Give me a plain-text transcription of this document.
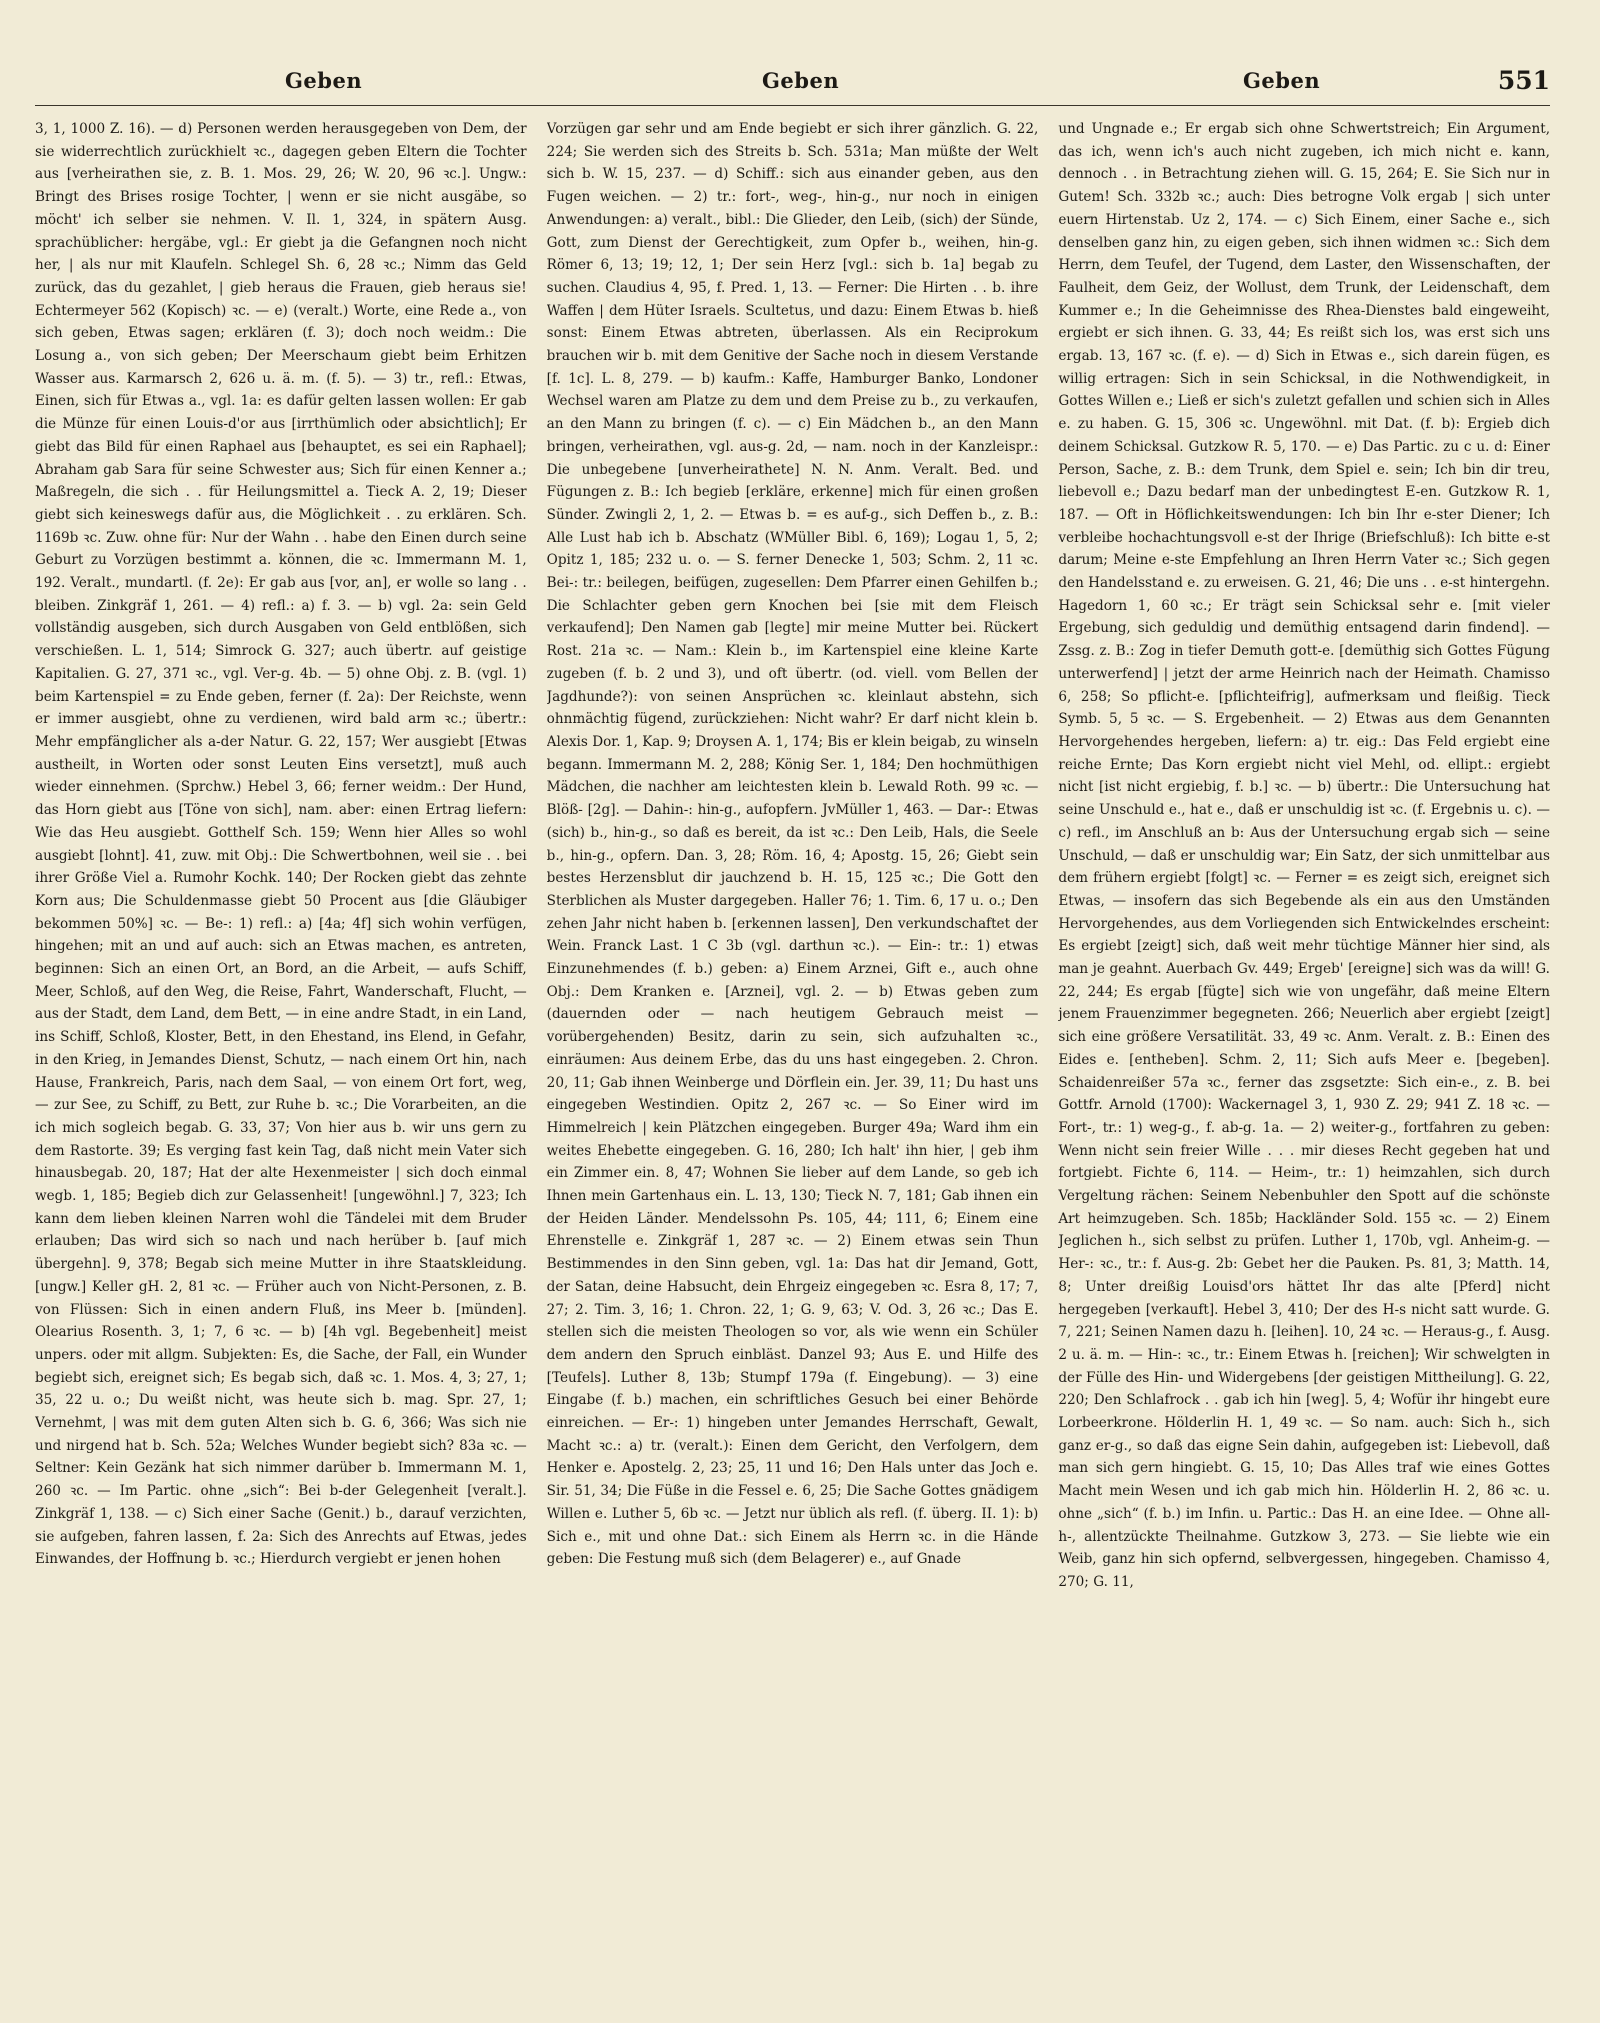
Geben	Geben	Geben	551

3, 1, 1000 Z. 16). — d) Personen werden herausgegeben von Dem, der sie widerrechtlich zurückhielt ꝛc., dagegen geben Eltern die Tochter aus [verheirathen sie, z. B. 1. Mos. 29, 26; W. 20, 96 ꝛc.]. Ungw.: Bringt des Brises rosige Tochter, | wenn er sie nicht ausgäbe, so möcht' ich selber sie nehmen. V. Il. 1, 324, in spätern Ausg. sprachüblicher: hergäbe, vgl.: Er giebt ja die Gefangnen noch nicht her, | als nur mit Klaufeln. Schlegel Sh. 6, 28 ꝛc.; Nimm das Geld zurück, das du gezahlet, | gieb heraus die Frauen, gieb heraus sie! Echtermeyer 562 (Kopisch) ꝛc. — e) (veralt.) Worte, eine Rede a., von sich geben, Etwas sagen; erklären (f. 3); doch noch weidm.: Die Losung a., von sich geben; Der Meerschaum giebt beim Erhitzen Wasser aus. Karmarsch 2, 626 u. ä. m. (f. 5). — 3) tr., refl.: Etwas, Einen, sich für Etwas a., vgl. 1a: es dafür gelten lassen wollen: Er gab die Münze für einen Louis-d'or aus [irrthümlich oder absichtlich]; Er giebt das Bild für einen Raphael aus [behauptet, es sei ein Raphael]; Abraham gab Sara für seine Schwester aus; Sich für einen Kenner a.; Maßregeln, die sich . . für Heilungsmittel a. Tieck A. 2, 19; Dieser giebt sich keineswegs dafür aus, die Möglichkeit . . zu erklären. Sch. 1169b ꝛc. Zuw. ohne für: Nur der Wahn . . habe den Einen durch seine Geburt zu Vorzügen bestimmt a. können, die ꝛc. Immermann M. 1, 192. Veralt., mundartl. (f. 2e): Er gab aus [vor, an], er wolle so lang . . bleiben. Zinkgräf 1, 261. — 4) refl.: a) f. 3. — b) vgl. 2a: sein Geld vollständig ausgeben, sich durch Ausgaben von Geld entblößen, sich verschießen. L. 1, 514; Simrock G. 327; auch übertr. auf geistige Kapitalien. G. 27, 371 ꝛc., vgl. Ver-g. 4b. — 5) ohne Obj. z. B. (vgl. 1) beim Kartenspiel = zu Ende geben, ferner (f. 2a): Der Reichste, wenn er immer ausgiebt, ohne zu verdienen, wird bald arm ꝛc.; übertr.: Mehr empfänglicher als a-der Natur. G. 22, 157; Wer ausgiebt [Etwas austheilt, in Worten oder sonst Leuten Eins versetzt], muß auch wieder einnehmen. (Sprchw.) Hebel 3, 66; ferner weidm.: Der Hund, das Horn giebt aus [Töne von sich], nam. aber: einen Ertrag liefern: Wie das Heu ausgiebt. Gotthelf Sch. 159; Wenn hier Alles so wohl ausgiebt [lohnt]. 41, zuw. mit Obj.: Die Schwertbohnen, weil sie . . bei ihrer Größe Viel a. Rumohr Kochk. 140; Der Rocken giebt das zehnte Korn aus; Die Schuldenmasse giebt 50 Procent aus [die Gläubiger bekommen 50%] ꝛc. — Be-: 1) refl.: a) [4a; 4f] sich wohin verfügen, hingehen; mit an und auf auch: sich an Etwas machen, es antreten, beginnen: Sich an einen Ort, an Bord, an die Arbeit, — aufs Schiff, Meer, Schloß, auf den Weg, die Reise, Fahrt, Wanderschaft, Flucht, — aus der Stadt, dem Land, dem Bett, — in eine andre Stadt, in ein Land, ins Schiff, Schloß, Kloster, Bett, in den Ehestand, ins Elend, in Gefahr, in den Krieg, in Jemandes Dienst, Schutz, — nach einem Ort hin, nach Hause, Frankreich, Paris, nach dem Saal, — von einem Ort fort, weg, — zur See, zu Schiff, zu Bett, zur Ruhe b. ꝛc.; Die Vorarbeiten, an die ich mich sogleich begab. G. 33, 37; Von hier aus b. wir uns gern zu dem Rastorte. 39; Es verging fast kein Tag, daß nicht mein Vater sich hinausbegab. 20, 187; Hat der alte Hexenmeister | sich doch einmal wegb. 1, 185; Begieb dich zur Gelassenheit! [ungewöhnl.] 7, 323; Ich kann dem lieben kleinen Narren wohl die Tändelei mit dem Bruder erlauben; Das wird sich so nach und nach herüber b. [auf mich übergehn]. 9, 378; Begab sich meine Mutter in ihre Staatskleidung. [ungw.] Keller gH. 2, 81 ꝛc. — Früher auch von Nicht-Personen, z. B. von Flüssen: Sich in einen andern Fluß, ins Meer b. [münden]. Olearius Rosenth. 3, 1; 7, 6 ꝛc. — b) [4h vgl. Begebenheit] meist unpers. oder mit allgm. Subjekten: Es, die Sache, der Fall, ein Wunder begiebt sich, ereignet sich; Es begab sich, daß ꝛc. 1. Mos. 4, 3; 27, 1; 35, 22 u. o.; Du weißt nicht, was heute sich b. mag. Spr. 27, 1; Vernehmt, | was mit dem guten Alten sich b. G. 6, 366; Was sich nie und nirgend hat b. Sch. 52a; Welches Wunder begiebt sich? 83a ꝛc. — Seltner: Kein Gezänk hat sich nimmer darüber b. Immermann M. 1, 260 ꝛc. — Im Partic. ohne „sich“: Bei b-der Gelegenheit [veralt.]. Zinkgräf 1, 138. — c) Sich einer Sache (Genit.) b., darauf verzichten, sie aufgeben, fahren lassen, f. 2a: Sich des Anrechts auf Etwas, jedes Einwandes, der Hoffnung b. ꝛc.; Hierdurch vergiebt er jenen hohen

Vorzügen gar sehr und am Ende begiebt er sich ihrer gänzlich. G. 22, 224; Sie werden sich des Streits b. Sch. 531a; Man müßte der Welt sich b. W. 15, 237. — d) Schiff.: sich aus einander geben, aus den Fugen weichen. — 2) tr.: fort-, weg-, hin-g., nur noch in einigen Anwendungen: a) veralt., bibl.: Die Glieder, den Leib, (sich) der Sünde, Gott, zum Dienst der Gerechtigkeit, zum Opfer b., weihen, hin-g. Römer 6, 13; 19; 12, 1; Der sein Herz [vgl.: sich b. 1a] begab zu suchen. Claudius 4, 95, f. Pred. 1, 13. — Ferner: Die Hirten . . b. ihre Waffen | dem Hüter Israels. Scultetus, und dazu: Einem Etwas b. hieß sonst: Einem Etwas abtreten, überlassen. Als ein Reciprokum brauchen wir b. mit dem Genitive der Sache noch in diesem Verstande [f. 1c]. L. 8, 279. — b) kaufm.: Kaffe, Hamburger Banko, Londoner Wechsel waren am Platze zu dem und dem Preise zu b., zu verkaufen, an den Mann zu bringen (f. c). — c) Ein Mädchen b., an den Mann bringen, verheirathen, vgl. aus-g. 2d, — nam. noch in der Kanzleispr.: Die unbegebene [unverheirathete] N. N. Anm. Veralt. Bed. und Fügungen z. B.: Ich begieb [erkläre, erkenne] mich für einen großen Sünder. Zwingli 2, 1, 2. — Etwas b. = es auf-g., sich Deffen b., z. B.: Alle Lust hab ich b. Abschatz (WMüller Bibl. 6, 169); Logau 1, 5, 2; Opitz 1, 185; 232 u. o. — S. ferner Denecke 1, 503; Schm. 2, 11 ꝛc. Bei-: tr.: beilegen, beifügen, zugesellen: Dem Pfarrer einen Gehilfen b.; Die Schlachter geben gern Knochen bei [sie mit dem Fleisch verkaufend]; Den Namen gab [legte] mir meine Mutter bei. Rückert Rost. 21a ꝛc. — Nam.: Klein b., im Kartenspiel eine kleine Karte zugeben (f. b. 2 und 3), und oft übertr. (od. viell. vom Bellen der Jagdhunde?): von seinen Ansprüchen ꝛc. kleinlaut abstehn, sich ohnmächtig fügend, zurückziehen: Nicht wahr? Er darf nicht klein b. Alexis Dor. 1, Kap. 9; Droysen A. 1, 174; Bis er klein beigab, zu winseln begann. Immermann M. 2, 288; König Ser. 1, 184; Den hochmüthigen Mädchen, die nachher am leichtesten klein b. Lewald Roth. 99 ꝛc. — Blöß- [2g]. — Dahin-: hin-g., aufopfern. JvMüller 1, 463. — Dar-: Etwas (sich) b., hin-g., so daß es bereit, da ist ꝛc.: Den Leib, Hals, die Seele b., hin-g., opfern. Dan. 3, 28; Röm. 16, 4; Apostg. 15, 26; Giebt sein bestes Herzensblut dir jauchzend b. H. 15, 125 ꝛc.; Die Gott den Sterblichen als Muster dargegeben. Haller 76; 1. Tim. 6, 17 u. o.; Den zehen Jahr nicht haben b. [erkennen lassen], Den verkundschaftet der Wein. Franck Last. 1 C 3b (vgl. darthun ꝛc.). — Ein-: tr.: 1) etwas Einzunehmendes (f. b.) geben: a) Einem Arznei, Gift e., auch ohne Obj.: Dem Kranken e. [Arznei], vgl. 2. — b) Etwas geben zum (dauernden oder — nach heutigem Gebrauch meist — vorübergehenden) Besitz, darin zu sein, sich aufzuhalten ꝛc., einräumen: Aus deinem Erbe, das du uns hast eingegeben. 2. Chron. 20, 11; Gab ihnen Weinberge und Dörflein ein. Jer. 39, 11; Du hast uns eingegeben Westindien. Opitz 2, 267 ꝛc. — So Einer wird im Himmelreich | kein Plätzchen eingegeben. Burger 49a; Ward ihm ein weites Ehebette eingegeben. G. 16, 280; Ich halt' ihn hier, | geb ihm ein Zimmer ein. 8, 47; Wohnen Sie lieber auf dem Lande, so geb ich Ihnen mein Gartenhaus ein. L. 13, 130; Tieck N. 7, 181; Gab ihnen ein der Heiden Länder. Mendelssohn Ps. 105, 44; 111, 6; Einem eine Ehrenstelle e. Zinkgräf 1, 287 ꝛc. — 2) Einem etwas sein Thun Bestimmendes in den Sinn geben, vgl. 1a: Das hat dir Jemand, Gott, der Satan, deine Habsucht, dein Ehrgeiz eingegeben ꝛc. Esra 8, 17; 7, 27; 2. Tim. 3, 16; 1. Chron. 22, 1; G. 9, 63; V. Od. 3, 26 ꝛc.; Das E. stellen sich die meisten Theologen so vor, als wie wenn ein Schüler dem andern den Spruch einbläst. Danzel 93; Aus E. und Hilfe des [Teufels]. Luther 8, 13b; Stumpf 179a (f. Eingebung). — 3) eine Eingabe (f. b.) machen, ein schriftliches Gesuch bei einer Behörde einreichen. — Er-: 1) hingeben unter Jemandes Herrschaft, Gewalt, Macht ꝛc.: a) tr. (veralt.): Einen dem Gericht, den Verfolgern, dem Henker e. Apostelg. 2, 23; 25, 11 und 16; Den Hals unter das Joch e. Sir. 51, 34; Die Füße in die Fessel e. 6, 25; Die Sache Gottes gnädigem Willen e. Luther 5, 6b ꝛc. — Jetzt nur üblich als refl. (f. überg. II. 1): b) Sich e., mit und ohne Dat.: sich Einem als Herrn ꝛc. in die Hände geben: Die Festung muß sich (dem Belagerer) e., auf Gnade

und Ungnade e.; Er ergab sich ohne Schwertstreich; Ein Argument, das ich, wenn ich's auch nicht zugeben, ich mich nicht e. kann, dennoch . . in Betrachtung ziehen will. G. 15, 264; E. Sie Sich nur in Gutem! Sch. 332b ꝛc.; auch: Dies betrogne Volk ergab | sich unter euern Hirtenstab. Uz 2, 174. — c) Sich Einem, einer Sache e., sich denselben ganz hin, zu eigen geben, sich ihnen widmen ꝛc.: Sich dem Herrn, dem Teufel, der Tugend, dem Laster, den Wissenschaften, der Faulheit, dem Geiz, der Wollust, dem Trunk, der Leidenschaft, dem Kummer e.; In die Geheimnisse des Rhea-Dienstes bald eingeweiht, ergiebt er sich ihnen. G. 33, 44; Es reißt sich los, was erst sich uns ergab. 13, 167 ꝛc. (f. e). — d) Sich in Etwas e., sich darein fügen, es willig ertragen: Sich in sein Schicksal, in die Nothwendigkeit, in Gottes Willen e.; Ließ er sich's zuletzt gefallen und schien sich in Alles e. zu haben. G. 15, 306 ꝛc. Ungewöhnl. mit Dat. (f. b): Ergieb dich deinem Schicksal. Gutzkow R. 5, 170. — e) Das Partic. zu c u. d: Einer Person, Sache, z. B.: dem Trunk, dem Spiel e. sein; Ich bin dir treu, liebevoll e.; Dazu bedarf man der unbedingtest E-en. Gutzkow R. 1, 187. — Oft in Höflichkeitswendungen: Ich bin Ihr e-ster Diener; Ich verbleibe hochachtungsvoll e-st der Ihrige (Briefschluß): Ich bitte e-st darum; Meine e-ste Empfehlung an Ihren Herrn Vater ꝛc.; Sich gegen den Handelsstand e. zu erweisen. G. 21, 46; Die uns . . e-st hintergehn. Hagedorn 1, 60 ꝛc.; Er trägt sein Schicksal sehr e. [mit vieler Ergebung, sich geduldig und demüthig entsagend darin findend]. — Zssg. z. B.: Zog in tiefer Demuth gott-e. [demüthig sich Gottes Fügung unterwerfend] | jetzt der arme Heinrich nach der Heimath. Chamisso 6, 258; So pflicht-e. [pflichteifrig], aufmerksam und fleißig. Tieck Symb. 5, 5 ꝛc. — S. Ergebenheit. — 2) Etwas aus dem Genannten Hervorgehendes hergeben, liefern: a) tr. eig.: Das Feld ergiebt eine reiche Ernte; Das Korn ergiebt nicht viel Mehl, od. ellipt.: ergiebt nicht [ist nicht ergiebig, f. b.] ꝛc. — b) übertr.: Die Untersuchung hat seine Unschuld e., hat e., daß er unschuldig ist ꝛc. (f. Ergebnis u. c). — c) refl., im Anschluß an b: Aus der Untersuchung ergab sich — seine Unschuld, — daß er unschuldig war; Ein Satz, der sich unmittelbar aus dem frühern ergiebt [folgt] ꝛc. — Ferner = es zeigt sich, ereignet sich Etwas, — insofern das sich Begebende als ein aus den Umständen Hervorgehendes, aus dem Vorliegenden sich Entwickelndes erscheint: Es ergiebt [zeigt] sich, daß weit mehr tüchtige Männer hier sind, als man je geahnt. Auerbach Gv. 449; Ergeb' [ereigne] sich was da will! G. 22, 244; Es ergab [fügte] sich wie von ungefähr, daß meine Eltern jenem Frauenzimmer begegneten. 266; Neuerlich aber ergiebt [zeigt] sich eine größere Versatilität. 33, 49 ꝛc. Anm. Veralt. z. B.: Einen des Eides e. [entheben]. Schm. 2, 11; Sich aufs Meer e. [begeben]. Schaidenreißer 57a ꝛc., ferner das zsgsetzte: Sich ein-e., z. B. bei Gottfr. Arnold (1700): Wackernagel 3, 1, 930 Z. 29; 941 Z. 18 ꝛc. — Fort-, tr.: 1) weg-g., f. ab-g. 1a. — 2) weiter-g., fortfahren zu geben: Wenn nicht sein freier Wille . . . mir dieses Recht gegeben hat und fortgiebt. Fichte 6, 114. — Heim-, tr.: 1) heimzahlen, sich durch Vergeltung rächen: Seinem Nebenbuhler den Spott auf die schönste Art heimzugeben. Sch. 185b; Hackländer Sold. 155 ꝛc. — 2) Einem Jeglichen h., sich selbst zu prüfen. Luther 1, 170b, vgl. Anheim-g. — Her-: ꝛc., tr.: f. Aus-g. 2b: Gebet her die Pauken. Ps. 81, 3; Matth. 14, 8; Unter dreißig Louisd'ors hättet Ihr das alte [Pferd] nicht hergegeben [verkauft]. Hebel 3, 410; Der des H-s nicht satt wurde. G. 7, 221; Seinen Namen dazu h. [leihen]. 10, 24 ꝛc. — Heraus-g., f. Ausg. 2 u. ä. m. — Hin-: ꝛc., tr.: Einem Etwas h. [reichen]; Wir schwelgten in der Fülle des Hin- und Widergebens [der geistigen Mittheilung]. G. 22, 220; Den Schlafrock . . gab ich hin [weg]. 5, 4; Wofür ihr hingebt eure Lorbeerkrone. Hölderlin H. 1, 49 ꝛc. — So nam. auch: Sich h., sich ganz er-g., so daß das eigne Sein dahin, aufgegeben ist: Liebevoll, daß man sich gern hingiebt. G. 15, 10; Das Alles traf wie eines Gottes Macht mein Wesen und ich gab mich hin. Hölderlin H. 2, 86 ꝛc. u. ohne „sich“ (f. b.) im Infin. u. Partic.: Das H. an eine Idee. — Ohne all-h-, allentzückte Theilnahme. Gutzkow 3, 273. — Sie liebte wie ein Weib, ganz hin sich opfernd, selbvergessen, hingegeben. Chamisso 4, 270; G. 11,
